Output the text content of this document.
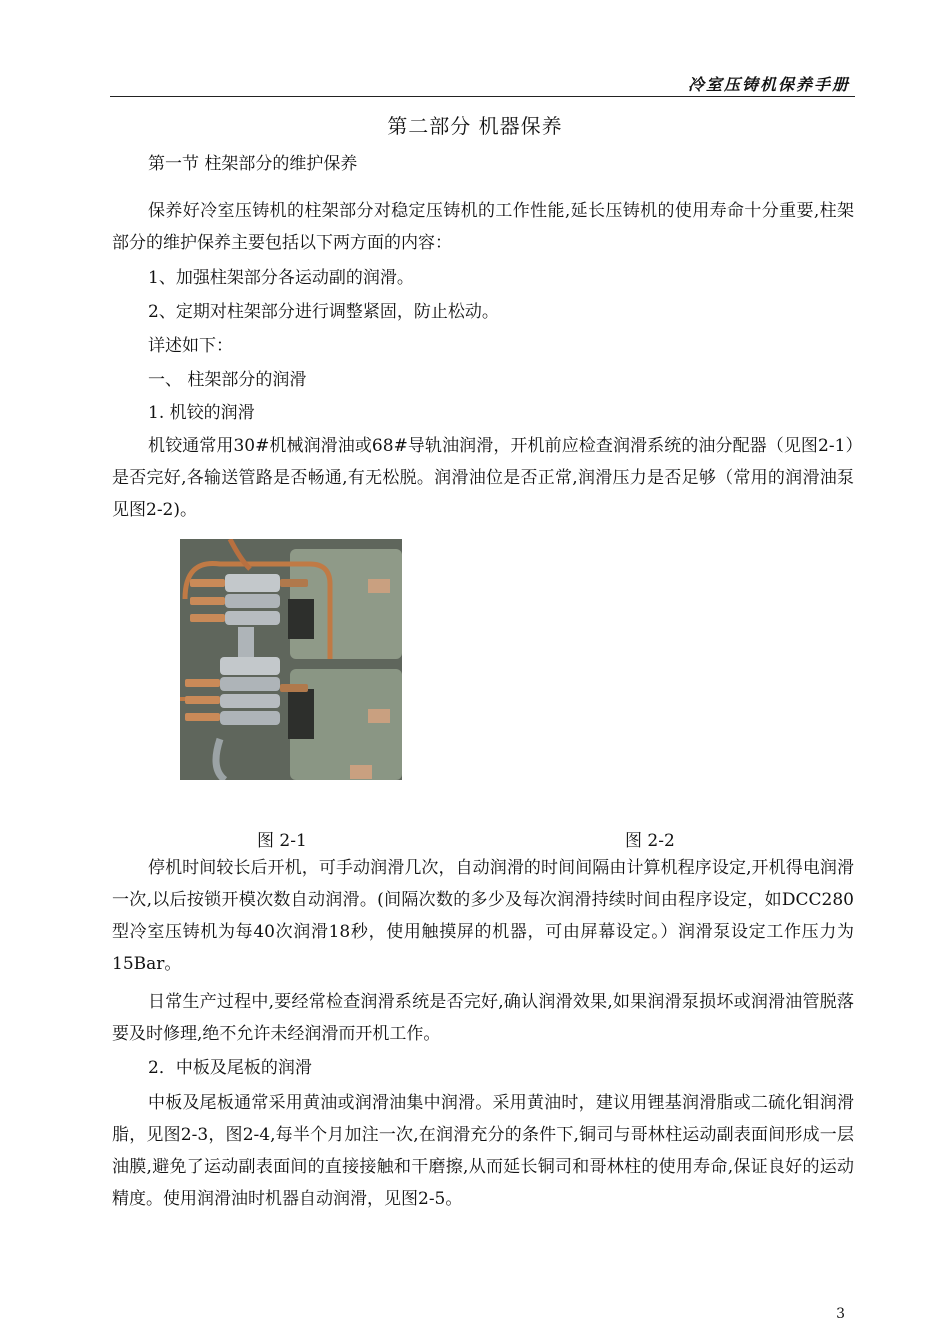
冷室压铸机保养手册
第二部分 机器保养
第一节 柱架部分的维护保养
保养好冷室压铸机的柱架部分对稳定压铸机的工作性能,延长压铸机的使用寿命十分重要,柱架部分的维护保养主要包括以下两方面的内容：
1、加强柱架部分各运动副的润滑。
2、定期对柱架部分进行调整紧固，防止松动。
详述如下：
一、 柱架部分的润滑
1. 机铰的润滑
机铰通常用30#机械润滑油或68#导轨油润滑，开机前应检查润滑系统的油分配器（见图2-1）是否完好,各输送管路是否畅通,有无松脱。润滑油位是否正常,润滑压力是否足够（常用的润滑油泵见图2-2)。
图 2-1	图 2-2
停机时间较长后开机，可手动润滑几次，自动润滑的时间间隔由计算机程序设定,开机得电润滑一次,以后按锁开模次数自动润滑。(间隔次数的多少及每次润滑持续时间由程序设定，如DCC280型冷室压铸机为每40次润滑18秒，使用触摸屏的机器，可由屏幕设定。）润滑泵设定工作压力为15Bar。
日常生产过程中,要经常检查润滑系统是否完好,确认润滑效果,如果润滑泵损坏或润滑油管脱落要及时修理,绝不允许未经润滑而开机工作。
2．中板及尾板的润滑
中板及尾板通常采用黄油或润滑油集中润滑。采用黄油时，建议用锂基润滑脂或二硫化钼润滑脂，见图2-3，图2-4,每半个月加注一次,在润滑充分的条件下,铜司与哥林柱运动副表面间形成一层油膜,避免了运动副表面间的直接接触和干磨擦,从而延长铜司和哥林柱的使用寿命,保证良好的运动精度。使用润滑油时机器自动润滑，见图2-5。
3
